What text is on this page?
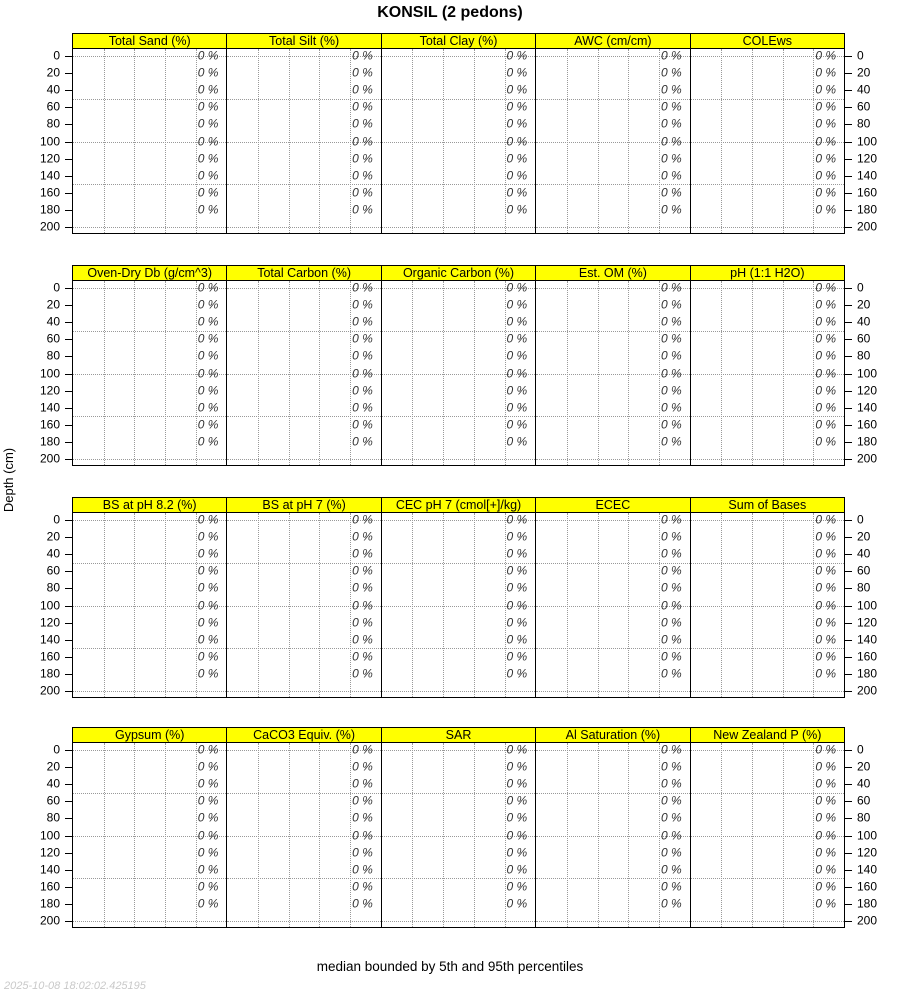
KONSIL (2 pedons)
Depth (cm)
Total Sand (%)	Total Silt (%)	Total Clay (%)	AWC (cm/cm)	COLEws
0 %
0 %
0 %
0 %
0 %
0 %
0 %
0 %
0 %
0 %
0 %
0 %
0 %
0 %
0 %
0 %
0 %
0 %
0 %
0 %
0 %
0 %
0 %
0 %
0 %
0 %
0 %
0 %
0 %
0 %
0 %
0 %
0 %
0 %
0 %
0 %
0 %
0 %
0 %
0 %
0 %
0 %
0 %
0 %
0 %
0 %
0 %
0 %
0 %
0 %
0	0
20	20
40	40
60	60
80	80
100	100
120	120
140	140
160	160
180	180
200	200
Oven-Dry Db (g/cm^3)	Total Carbon (%)	Organic Carbon (%)	Est. OM (%)	pH (1:1 H2O)
0 %
0 %
0 %
0 %
0 %
0 %
0 %
0 %
0 %
0 %
0 %
0 %
0 %
0 %
0 %
0 %
0 %
0 %
0 %
0 %
0 %
0 %
0 %
0 %
0 %
0 %
0 %
0 %
0 %
0 %
0 %
0 %
0 %
0 %
0 %
0 %
0 %
0 %
0 %
0 %
0 %
0 %
0 %
0 %
0 %
0 %
0 %
0 %
0 %
0 %
0	0
20	20
40	40
60	60
80	80
100	100
120	120
140	140
160	160
180	180
200	200
BS at pH 8.2 (%)	BS at pH 7 (%)	CEC pH 7 (cmol[+]/kg)	ECEC	Sum of Bases
0 %
0 %
0 %
0 %
0 %
0 %
0 %
0 %
0 %
0 %
0 %
0 %
0 %
0 %
0 %
0 %
0 %
0 %
0 %
0 %
0 %
0 %
0 %
0 %
0 %
0 %
0 %
0 %
0 %
0 %
0 %
0 %
0 %
0 %
0 %
0 %
0 %
0 %
0 %
0 %
0 %
0 %
0 %
0 %
0 %
0 %
0 %
0 %
0 %
0 %
0	0
20	20
40	40
60	60
80	80
100	100
120	120
140	140
160	160
180	180
200	200
Gypsum (%)	CaCO3 Equiv. (%)	SAR	Al Saturation (%)	New Zealand P (%)
0 %
0 %
0 %
0 %
0 %
0 %
0 %
0 %
0 %
0 %
0 %
0 %
0 %
0 %
0 %
0 %
0 %
0 %
0 %
0 %
0 %
0 %
0 %
0 %
0 %
0 %
0 %
0 %
0 %
0 %
0 %
0 %
0 %
0 %
0 %
0 %
0 %
0 %
0 %
0 %
0 %
0 %
0 %
0 %
0 %
0 %
0 %
0 %
0 %
0 %
0	0
20	20
40	40
60	60
80	80
100	100
120	120
140	140
160	160
180	180
200	200
median bounded by 5th and 95th percentiles
2025-10-08 18:02:02.425195
